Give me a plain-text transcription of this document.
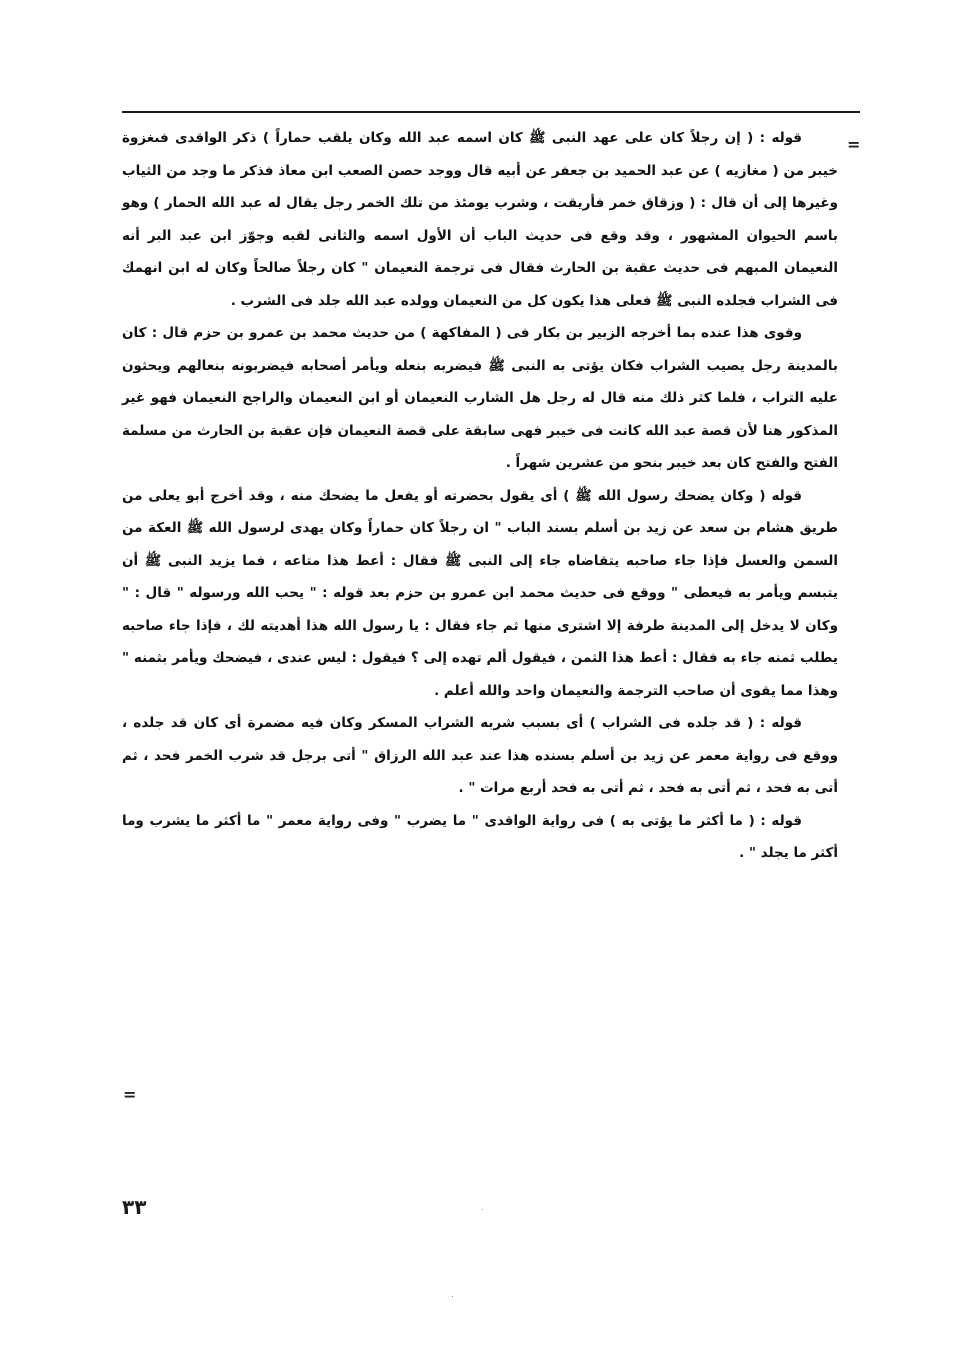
=

قوله : ( إن رجلاً كان على عهد النبى ﷺ كان اسمه عبد الله وكان يلقب حماراً ) ذكر الواقدى فىغزوة خيبر من ( مغازيه ) عن عبد الحميد بن جعفر عن أبيه قال ووجد حصن الصعب ابن معاذ فذكر ما وجد من الثياب وغيرها إلى أن قال : ( وزقاق خمر فأريقت ، وشرب يومئذ من تلك الخمر رجل يقال له عبد الله الحمار ) وهو باسم الحيوان المشهور ، وقد وقع فى حديث الباب أن الأول اسمه والثانى لقبه وجوّز ابن عبد البر أنه النعيمان المبهم فى حديث عقبة بن الحارث فقال فى ترجمة النعيمان " كان رجلاً صالحاً وكان له ابن انهمك فى الشراب فجلده النبى ﷺ فعلى هذا يكون كل من النعيمان وولده عبد الله جلد فى الشرب .

وقوى هذا عنده بما أخرجه الزبير بن بكار فى ( المفاكهة ) من حديث محمد بن عمرو بن حزم قال : كان بالمدينة رجل يصيب الشراب فكان يؤتى به النبى ﷺ فيضربه بنعله ويأمر أصحابه فيضربونه بنعالهم ويحثون عليه التراب ، فلما كثر ذلك منه قال له رجل هل الشارب النعيمان أو ابن النعيمان والراجح النعيمان فهو غير المذكور هنا لأن قصة عبد الله كانت فى خيبر فهى سابقة على قصة النعيمان فإن عقبة بن الحارث من مسلمة الفتح والفتح كان بعد خيبر بنحو من عشرين شهراً .

قوله ( وكان يضحك رسول الله ﷺ ) أى يقول بحضرته أو يفعل ما يضحك منه ، وقد أخرج أبو يعلى من طريق هشام بن سعد عن زيد بن أسلم بسند الباب " ان رجلاً كان حماراً وكان يهدى لرسول الله ﷺ العكة من السمن والعسل فإذا جاء صاحبه يتقاضاه جاء إلى النبى ﷺ فقال : أعط هذا متاعه ، فما يزيد النبى ﷺ أن يتبسم ويأمر به فيعطى " ووقع فى حديث محمد ابن عمرو بن حزم بعد قوله : " يحب الله ورسوله " قال : " وكان لا يدخل إلى المدينة طرفة إلا اشترى منها ثم جاء فقال : يا رسول الله هذا أهديته لك ، فإذا جاء صاحبه يطلب ثمنه جاء به فقال : أعط هذا الثمن ، فيقول ألم تهده إلى ؟ فيقول : ليس عندى ، فيضحك ويأمر بثمنه " وهذا مما يقوى أن صاحب الترجمة والنعيمان واحد والله أعلم .

قوله : ( قد جلده فى الشراب ) أى بسبب شربه الشراب المسكر وكان فيه مضمرة أى كان قد جلده ، ووقع فى رواية معمر عن زيد بن أسلم بسنده هذا عند عبد الله الرزاق " أتى برجل قد شرب الخمر فحد ، ثم أتى به فحد ، ثم أتى به فحد ، ثم أتى به فحد أربع مرات " .

قوله : ( ما أكثر ما يؤتى به ) فى رواية الواقدى " ما يضرب " وفى رواية معمر " ما أكثر ما يشرب وما أكثر ما يجلد " .

=
٣٣
